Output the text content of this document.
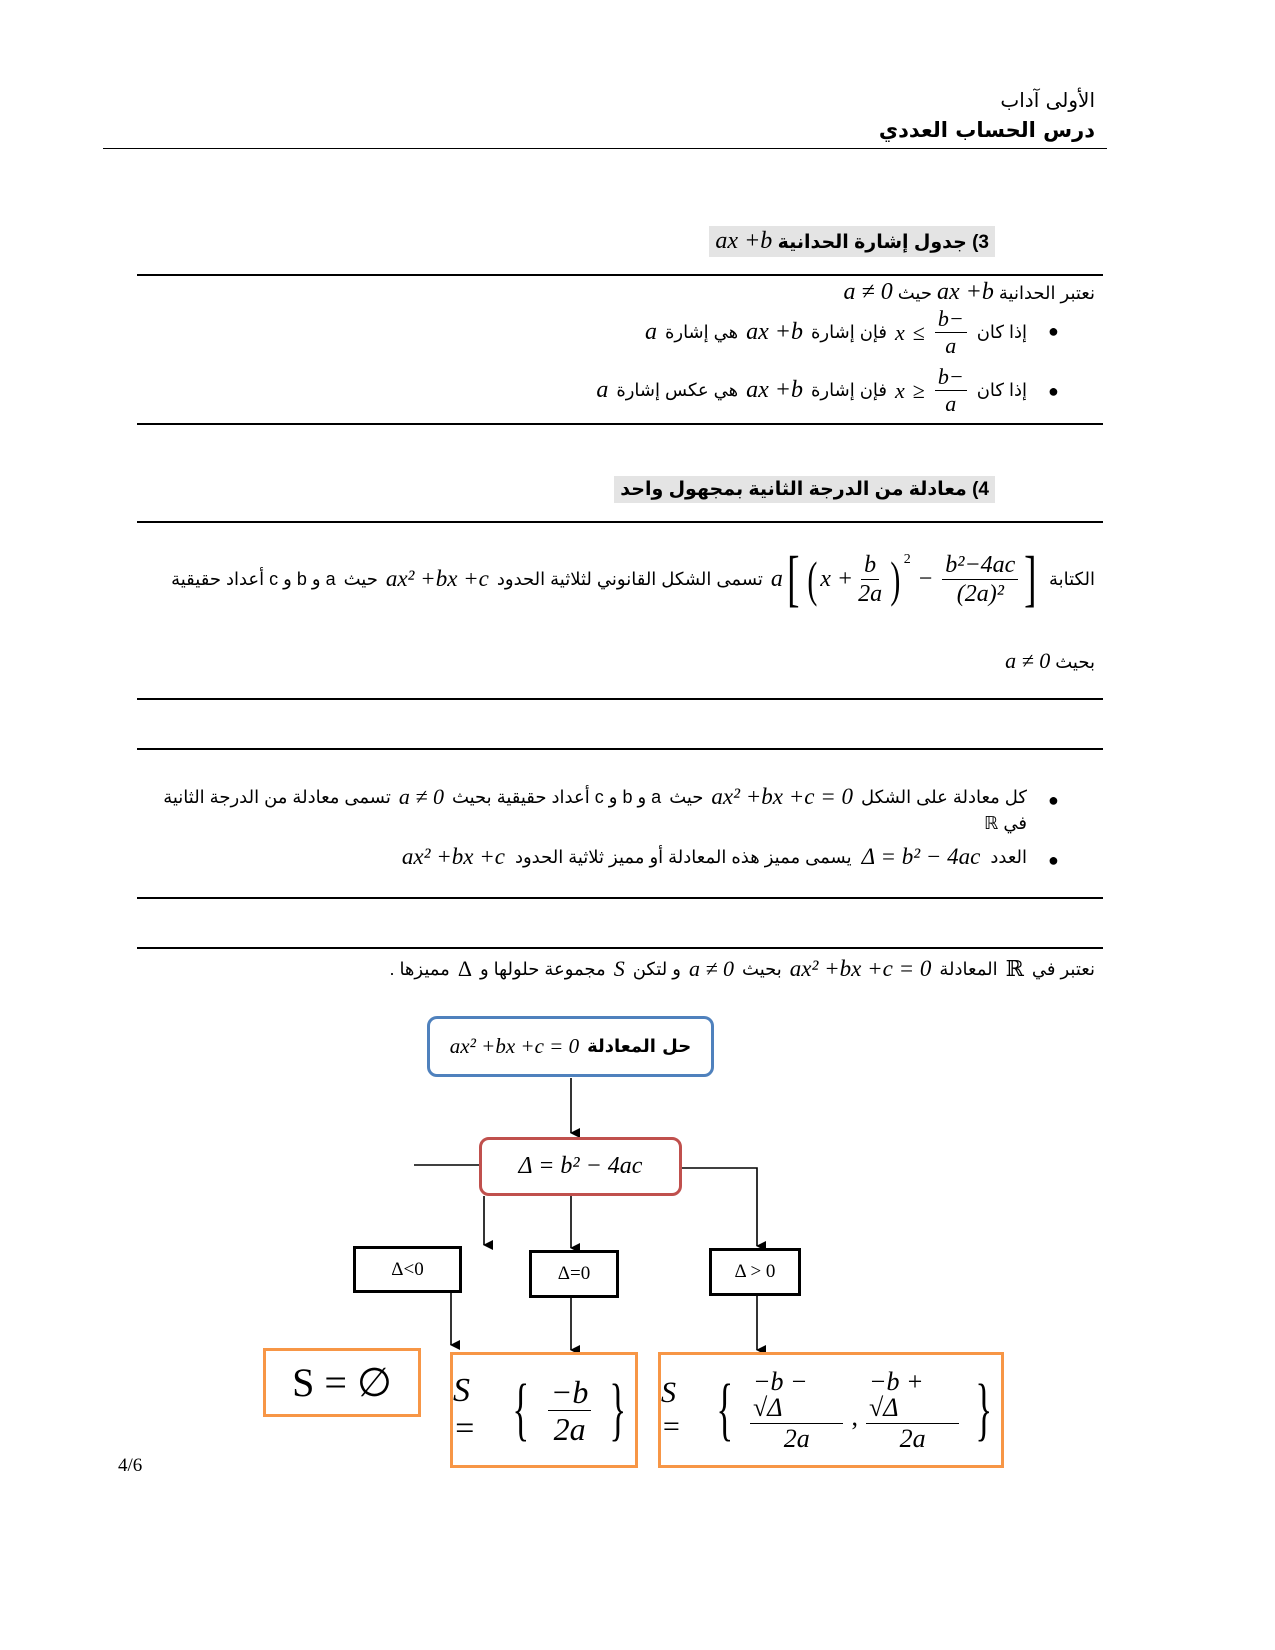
الأولى آداب
درس الحساب العددي
3) جدول إشارة الحدانية ax +b
نعتبر الحدانية ax +b حيث a ≠ 0
●
إذا كان
$\frac{-b}{a}$
≥
x
فإن إشارة
ax +b
هي إشارة
a
●
إذا كان
$\frac{-b}{a}$
≤
x
فإن إشارة
ax +b
هي عكس إشارة
a
4) معادلة من الدرجة الثانية بمجهول واحد
الكتابة
a [ ( $x + \frac{b}{2a} )^2$
− $\frac{\text{b²−4ac}}{\text{(2a)²}}$ ]
تسمى الشكل القانوني لثلاثية الحدود
ax² +bx +c
حيث
a و b و c أعداد حقيقية
بحيث a ≠ 0
●
كل معادلة على الشكل
ax² +bx +c = 0
حيث
a و b و c أعداد حقيقية بحيث
a ≠ 0
تسمى معادلة من الدرجة الثانية
في ℝ
●
العدد
Δ = b² − 4ac
يسمى مميز هذه المعادلة أو مميز ثلاثية الحدود
ax² +bx +c
نعتبر في
ℝ
المعادلة
ax² +bx +c = 0
بحيث
a ≠ 0
و لتكن
S
مجموعة حلولها و
Δ
مميزها .
حل المعادلة
ax² +bx +c = 0
Δ = b² − 4ac
Δ<0	Δ=0	Δ > 0
S = ∅ S = { $\frac{-b}{2a}$ } S = { $\frac{-b - √\Delta}{2a}$ , $\frac{-b + √\Delta}{2a}$ }
4/6
